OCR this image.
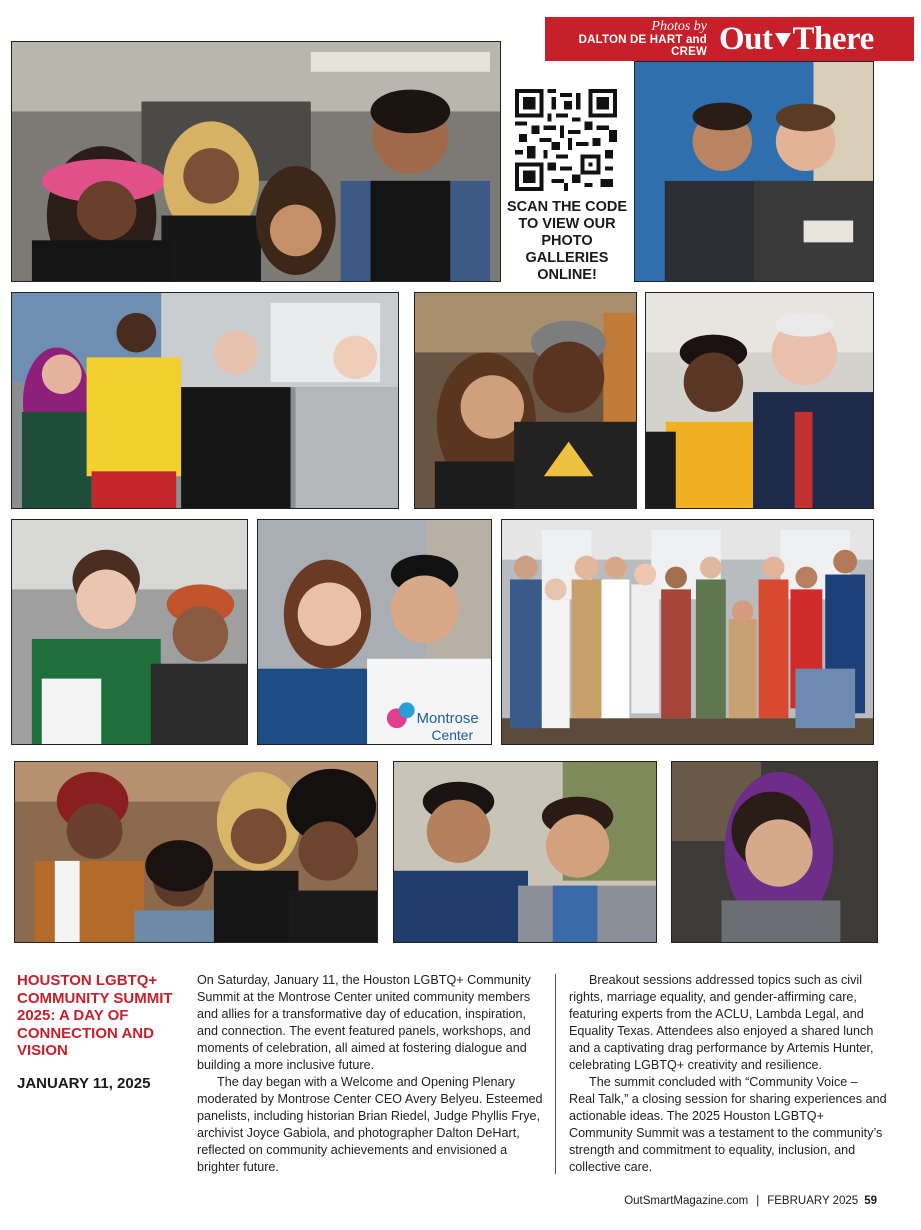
Photos by
DALTON DE HART and CREW Out There
SCAN THE CODE TO VIEW OUR PHOTO GALLERIES ONLINE!
Montrose
Center
HOUSTON LGBTQ+ COMMUNITY SUMMIT 2025: A DAY OF CONNECTION AND VISION
JANUARY 11, 2025

On Saturday, January 11, the Houston LGBTQ+ Community Summit at the Montrose Center united community members and allies for a transformative day of education, inspiration, and connection. The event featured panels, workshops, and moments of celebration, all aimed at fostering dialogue and building a more inclusive future.

The day began with a Welcome and Opening Plenary moderated by Montrose Center CEO Avery Belyeu. Esteemed panelists, including historian Brian Riedel, Judge Phyllis Frye, archivist Joyce Gabiola, and photographer Dalton DeHart, reflected on community achievements and envisioned a brighter future.

Breakout sessions addressed topics such as civil rights, marriage equality, and gender-affirming care, featuring experts from the ACLU, Lambda Legal, and Equality Texas. Attendees also enjoyed a shared lunch and a captivating drag performance by Artemis Hunter, celebrating LGBTQ+ creativity and resilience.

The summit concluded with “Community Voice – Real Talk,” a closing session for sharing experiences and actionable ideas. The 2025 Houston LGBTQ+ Community Summit was a testament to the community’s strength and commitment to equality, inclusion, and collective care.

OutSmartMagazine.com | FEBRUARY 2025 59
